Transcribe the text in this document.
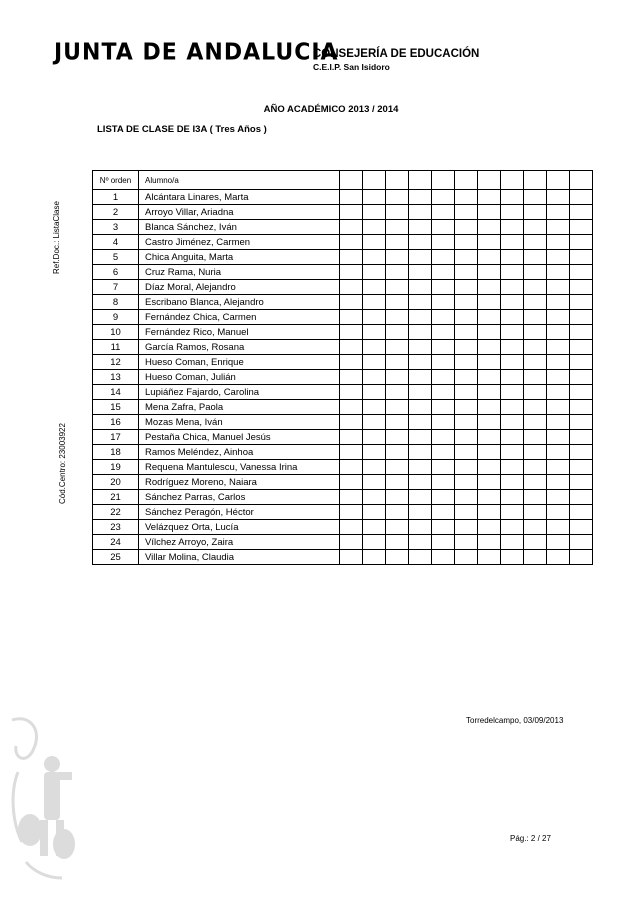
JUNTA DE ANDALUCIA
CONSEJERÍA DE EDUCACIÓN
C.E.I.P. San Isidoro
AÑO ACADÉMICO 2013 / 2014
LISTA DE CLASE DE I3A ( Tres Años )
Ref.Doc.: ListaClase
Cód.Centro: 23003922
Nº orden	Alumno/a											
1	Alcántara Linares, Marta											
2	Arroyo Villar, Ariadna											
3	Blanca Sánchez, Iván											
4	Castro Jiménez, Carmen											
5	Chica Anguita, Marta											
6	Cruz Rama, Nuria											
7	Díaz Moral, Alejandro											
8	Escribano Blanca, Alejandro											
9	Fernández Chica, Carmen											
10	Fernández Rico, Manuel											
11	García Ramos, Rosana											
12	Hueso Coman, Enrique											
13	Hueso Coman, Julián											
14	Lupiáñez Fajardo, Carolina											
15	Mena Zafra, Paola											
16	Mozas Mena, Iván											
17	Pestaña Chica, Manuel Jesús											
18	Ramos Meléndez, Ainhoa											
19	Requena Mantulescu, Vanessa Irina											
20	Rodríguez Moreno, Naiara											
21	Sánchez Parras, Carlos											
22	Sánchez Peragón, Héctor											
23	Velázquez Orta, Lucía											
24	Vílchez Arroyo, Zaira											
25	Villar Molina, Claudia											
Torredelcampo, 03/09/2013
Pág.: 2 / 27
